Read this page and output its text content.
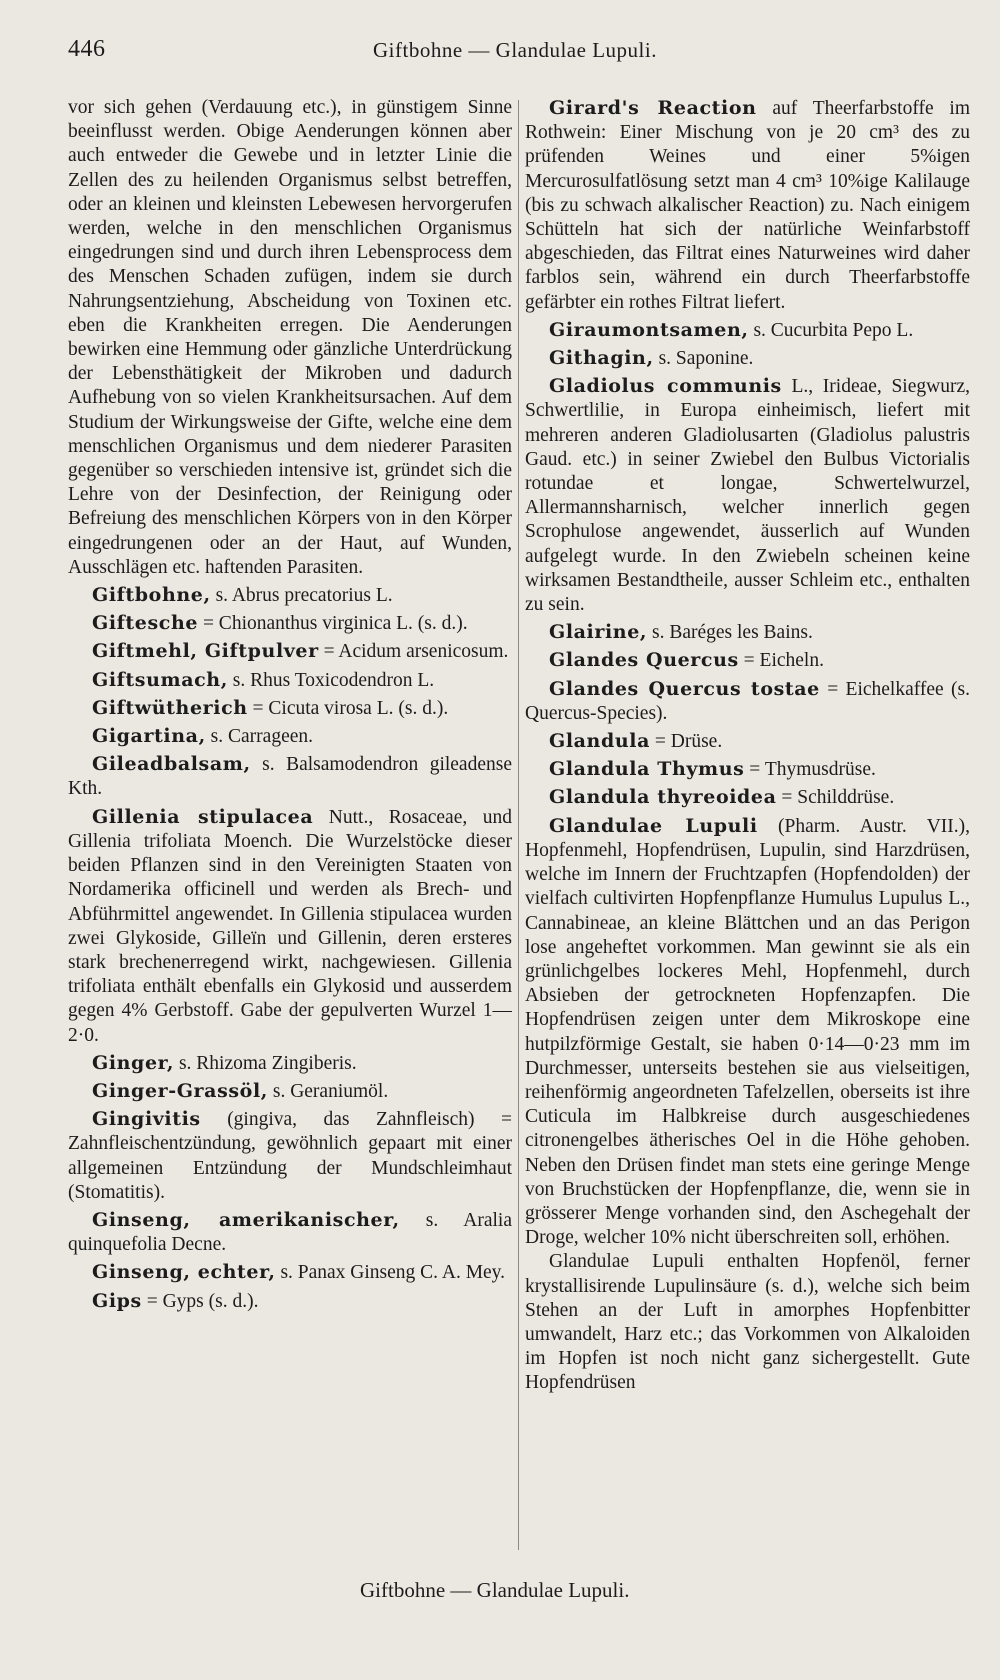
446	Giftbohne — Glandulae Lupuli.

vor sich gehen (Verdauung etc.), in günstigem Sinne beeinflusst werden. Obige Aenderungen können aber auch entweder die Gewebe und in letzter Linie die Zellen des zu heilenden Organismus selbst betreffen, oder an kleinen und kleinsten Lebewesen hervorgerufen werden, welche in den menschlichen Organismus eingedrungen sind und durch ihren Lebensprocess dem des Menschen Schaden zufügen, indem sie durch Nahrungsentziehung, Abscheidung von Toxinen etc. eben die Krankheiten erregen. Die Aenderungen bewirken eine Hemmung oder gänzliche Unterdrückung der Lebensthätigkeit der Mikroben und dadurch Aufhebung von so vielen Krankheitsursachen. Auf dem Studium der Wirkungsweise der Gifte, welche eine dem menschlichen Organismus und dem niederer Parasiten gegenüber so verschieden intensive ist, gründet sich die Lehre von der Desinfection, der Reinigung oder Befreiung des menschlichen Körpers von in den Körper eingedrungenen oder an der Haut, auf Wunden, Ausschlägen etc. haftenden Parasiten.

Giftbohne, s. Abrus precatorius L.

Giftesche = Chionanthus virginica L. (s. d.).

Giftmehl, Giftpulver = Acidum arsenicosum.

Giftsumach, s. Rhus Toxicodendron L.

Giftwütherich = Cicuta virosa L. (s. d.).

Gigartina, s. Carrageen.

Gileadbalsam, s. Balsamodendron gileadense Kth.

Gillenia stipulacea Nutt., Rosaceae, und Gillenia trifoliata Moench. Die Wurzelstöcke dieser beiden Pflanzen sind in den Vereinigten Staaten von Nordamerika officinell und werden als Brech- und Abführmittel angewendet. In Gillenia stipulacea wurden zwei Glykoside, Gilleïn und Gillenin, deren ersteres stark brechenerregend wirkt, nachgewiesen. Gillenia trifoliata enthält ebenfalls ein Glykosid und ausserdem gegen 4% Gerbstoff. Gabe der gepulverten Wurzel 1—2·0.

Ginger, s. Rhizoma Zingiberis.

Ginger-Grassöl, s. Geraniumöl.

Gingivitis (gingiva, das Zahnfleisch) = Zahnfleischentzündung, gewöhnlich gepaart mit einer allgemeinen Entzündung der Mundschleimhaut (Stomatitis).

Ginseng, amerikanischer, s. Aralia quinquefolia Decne.

Ginseng, echter, s. Panax Ginseng C. A. Mey.

Gips = Gyps (s. d.).

Girard's Reaction auf Theerfarbstoffe im Rothwein: Einer Mischung von je 20 cm³ des zu prüfenden Weines und einer 5%igen Mercurosulfatlösung setzt man 4 cm³ 10%ige Kalilauge (bis zu schwach alkalischer Reaction) zu. Nach einigem Schütteln hat sich der natürliche Weinfarbstoff abgeschieden, das Filtrat eines Naturweines wird daher farblos sein, während ein durch Theerfarbstoffe gefärbter ein rothes Filtrat liefert.

Giraumontsamen, s. Cucurbita Pepo L.

Githagin, s. Saponine.

Gladiolus communis L., Irideae, Siegwurz, Schwertlilie, in Europa einheimisch, liefert mit mehreren anderen Gladiolusarten (Gladiolus palustris Gaud. etc.) in seiner Zwiebel den Bulbus Victorialis rotundae et longae, Schwertelwurzel, Allermannsharnisch, welcher innerlich gegen Scrophulose angewendet, äusserlich auf Wunden aufgelegt wurde. In den Zwiebeln scheinen keine wirksamen Bestandtheile, ausser Schleim etc., enthalten zu sein.

Glairine, s. Baréges les Bains.

Glandes Quercus = Eicheln.

Glandes Quercus tostae = Eichelkaffee (s. Quercus-Species).

Glandula = Drüse.

Glandula Thymus = Thymusdrüse.

Glandula thyreoidea = Schilddrüse.

Glandulae Lupuli (Pharm. Austr. VII.), Hopfenmehl, Hopfendrüsen, Lupulin, sind Harzdrüsen, welche im Innern der Fruchtzapfen (Hopfendolden) der vielfach cultivirten Hopfenpflanze Humulus Lupulus L., Cannabineae, an kleine Blättchen und an das Perigon lose angeheftet vorkommen. Man gewinnt sie als ein grünlichgelbes lockeres Mehl, Hopfenmehl, durch Absieben der getrockneten Hopfenzapfen. Die Hopfendrüsen zeigen unter dem Mikroskope eine hutpilzförmige Gestalt, sie haben 0·14—0·23 mm im Durchmesser, unterseits bestehen sie aus vielseitigen, reihenförmig angeordneten Tafelzellen, oberseits ist ihre Cuticula im Halbkreise durch ausgeschiedenes citronengelbes ätherisches Oel in die Höhe gehoben. Neben den Drüsen findet man stets eine geringe Menge von Bruchstücken der Hopfenpflanze, die, wenn sie in grösserer Menge vorhanden sind, den Aschegehalt der Droge, welcher 10% nicht überschreiten soll, erhöhen.

Glandulae Lupuli enthalten Hopfenöl, ferner krystallisirende Lupulinsäure (s. d.), welche sich beim Stehen an der Luft in amorphes Hopfenbitter umwandelt, Harz etc.; das Vorkommen von Alkaloiden im Hopfen ist noch nicht ganz sichergestellt. Gute Hopfendrüsen

Giftbohne — Glandulae Lupuli.
